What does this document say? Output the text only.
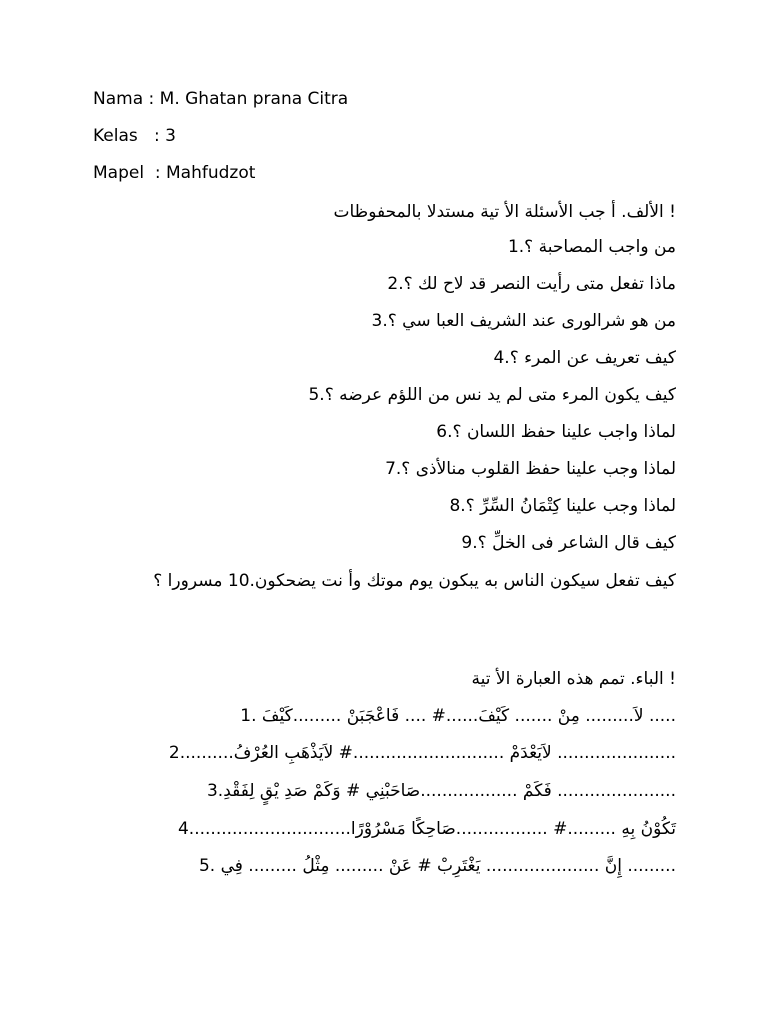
Nama : M. Ghatan prana Citra
Kelas   : 3
Mapel  : Mahfudzot
! الألف. أ جب الأسئلة الأ تية مستدلا بالمحفوظات
من واجب المصاحبة ؟.1
ماذا تفعل متى رأيت النصر قد لاح لك ؟.2
من هو شرالورى عند الشريف العبا سي ؟.3
كيف تعريف عن المرء ؟.4
كيف يكون المرء متى لم يد نس من اللؤم عرضه ؟.5
لماذا واجب علينا حفظ اللسان ؟.6
لماذا وجب علينا حفظ القلوب منالأذى ؟.7
لماذا وجب علينا كِتْمَانُ السِّرِّ ؟.8
كيف قال الشاعر فى الخلِّ ؟.9
كيف تفعل سيكون الناس به يبكون يوم موتك وأ نت يضحكون.10 مسرورا ؟
! الباء. تمم هذه العبارة الأ تية
..... لاَ......... مِنْ ....... كَيْفَ......# .... فَاعْجَبَنْ .........كَيْفَ .1
...................... لاَيَعْدَمْ ............................# لاَيَذْهَبِ العُرْفُ..........2
...................... فَكَمْ ..................صَاحَبْنِي # وَكَمْ صَدِ يْقٍ لِفَقْدِ.3
تَكُوْنُ بِهِ .........# .................صَاحِكًا مَسْرُوْرًا..............................4
......... إِنَّ ..................... يَغْتَرِبْ # عَنْ ......... مِثْلُ ......... فِي .5
